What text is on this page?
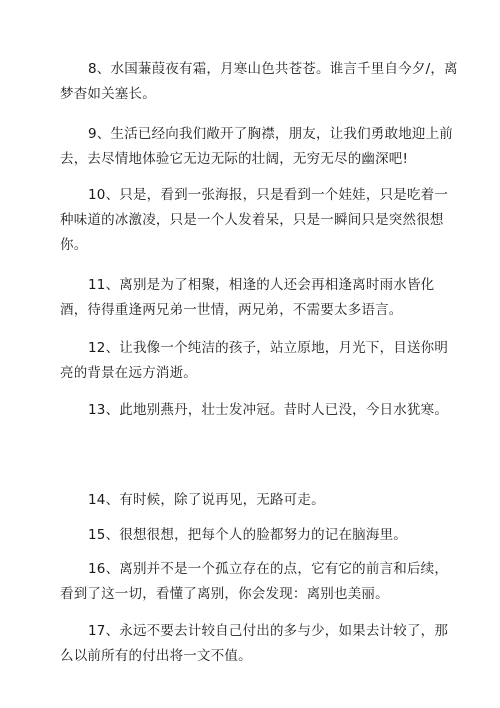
8、水国蒹葭夜有霜，月寒山色共苍苍。谁言千里自今夕/，离梦杳如关塞长。

9、生活已经向我们敞开了胸襟，朋友，让我们勇敢地迎上前去，去尽情地体验它无边无际的壮阔，无穷无尽的幽深吧!

10、只是，看到一张海报，只是看到一个娃娃，只是吃着一种味道的冰激凌，只是一个人发着呆，只是一瞬间只是突然很想你。

11、离别是为了相聚，相逢的人还会再相逢离时雨水皆化酒，待得重逢两兄弟一世情，两兄弟，不需要太多语言。

12、让我像一个纯洁的孩子，站立原地，月光下，目送你明亮的背景在远方消逝。

13、此地别燕丹，壮士发冲冠。昔时人已没，今日水犹寒。

14、有时候，除了说再见，无路可走。

15、很想很想，把每个人的脸都努力的记在脑海里。

16、离别并不是一个孤立存在的点，它有它的前言和后续，看到了这一切，看懂了离别，你会发现：离别也美丽。

17、永远不要去计较自己付出的多与少，如果去计较了，那么以前所有的付出将一文不值。
